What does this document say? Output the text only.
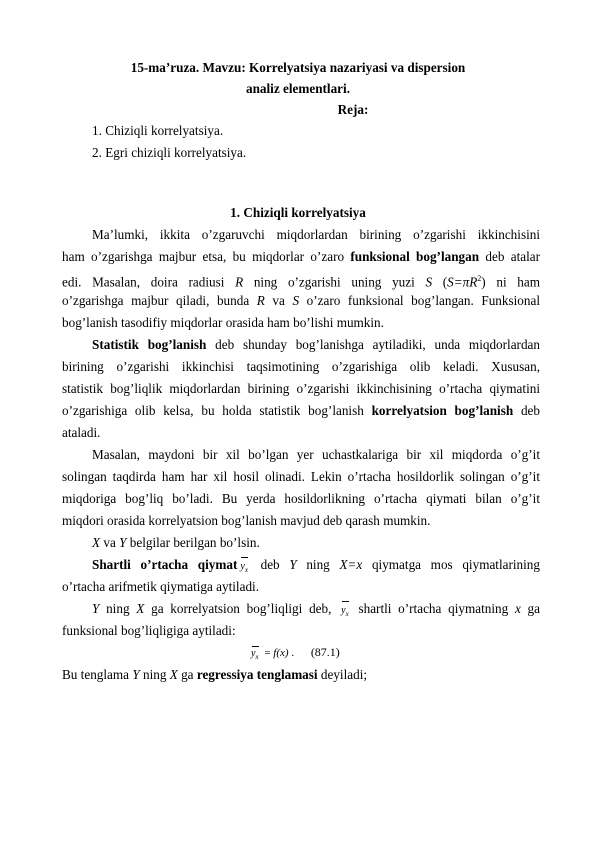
15-ma’ruza. Mavzu: Korrelyatsiya nazariyasi va dispersion
analiz elementlari.
Reja:
1. Chiziqli korrelyatsiya.
2. Egri chiziqli korrelyatsiya.
1. Chiziqli korrelyatsiya
Ma’lumki, ikkita o’zgaruvchi miqdorlardan birining o’zgarishi ikkinchisini
ham o’zgarishga majbur etsa, bu miqdorlar o’zaro funksional bog’langan deb atalar
edi. Masalan, doira radiusi R ning o’zgarishi uning yuzi S $(S=\pi R^2)$ ni ham
o’zgarishga majbur qiladi, bunda R va S o’zaro funksional bog’langan. Funksional
bog’lanish tasodifiy miqdorlar orasida ham bo’lishi mumkin.
Statistik bog’lanish deb shunday bog’lanishga aytiladiki, unda miqdorlardan
birining o’zgarishi ikkinchisi taqsimotining o’zgarishiga olib keladi. Xususan,
statistik bog’liqlik miqdorlardan birining o’zgarishi ikkinchisining o’rtacha qiymatini
o’zgarishiga olib kelsa, bu holda statistik bog’lanish korrelyatsion bog’lanish deb
ataladi.
Masalan, maydoni bir xil bo’lgan yer uchastkalariga bir xil miqdorda o’g’it
solingan taqdirda ham har xil hosil olinadi. Lekin o’rtacha hosildorlik solingan o’g’it
miqdoriga bog’liq bo’ladi. Bu yerda hosildorlikning o’rtacha qiymati bilan o’g’it
miqdori orasida korrelyatsion bog’lanish mavjud deb qarash mumkin.
X va Y belgilar berilgan bo’lsin.
Shartli o’rtacha qiymat $y_x$ deb Y ning X=x qiymatga mos qiymatlarining
o’rtacha arifmetik qiymatiga aytiladi.
Y ning X ga korrelyatsion bog’liqligi deb, $y_x$ shartli o’rtacha qiymatning x ga
funksional bog’liqligiga aytiladi:
$y_x = f(x)$ . (87.1)
Bu tenglama Y ning X ga regressiya tenglamasi deyiladi;
